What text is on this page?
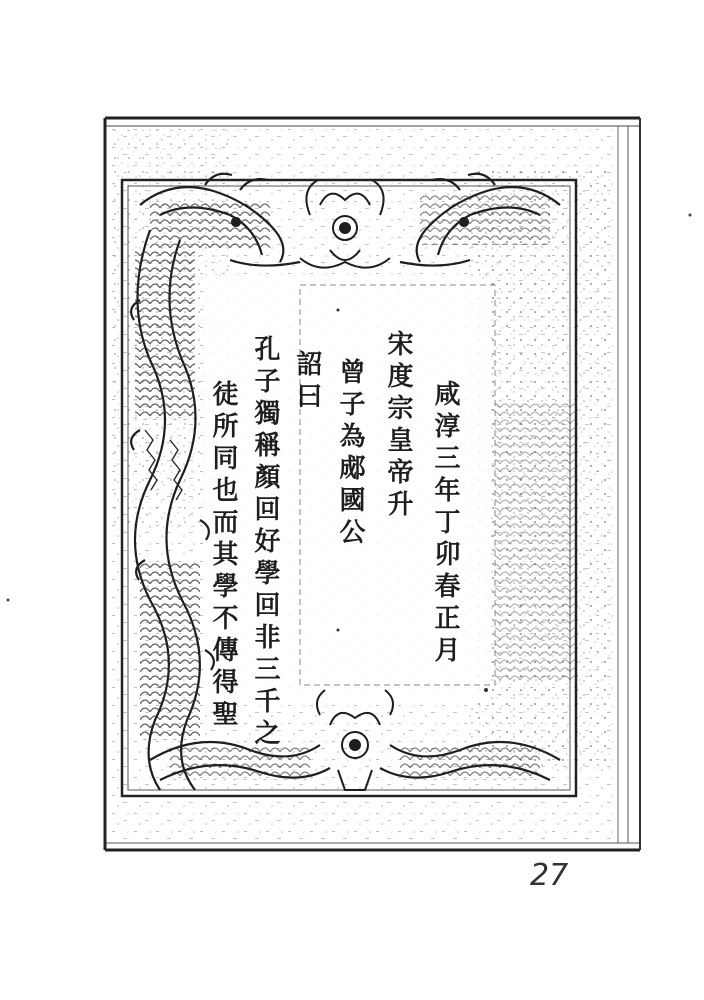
咸淳三年丁卯春正月
宋度宗皇帝升
曾子為郕國公
詔曰
孔子獨稱顏回好學回非三千之
徒所同也而其學不傳得聖
27
